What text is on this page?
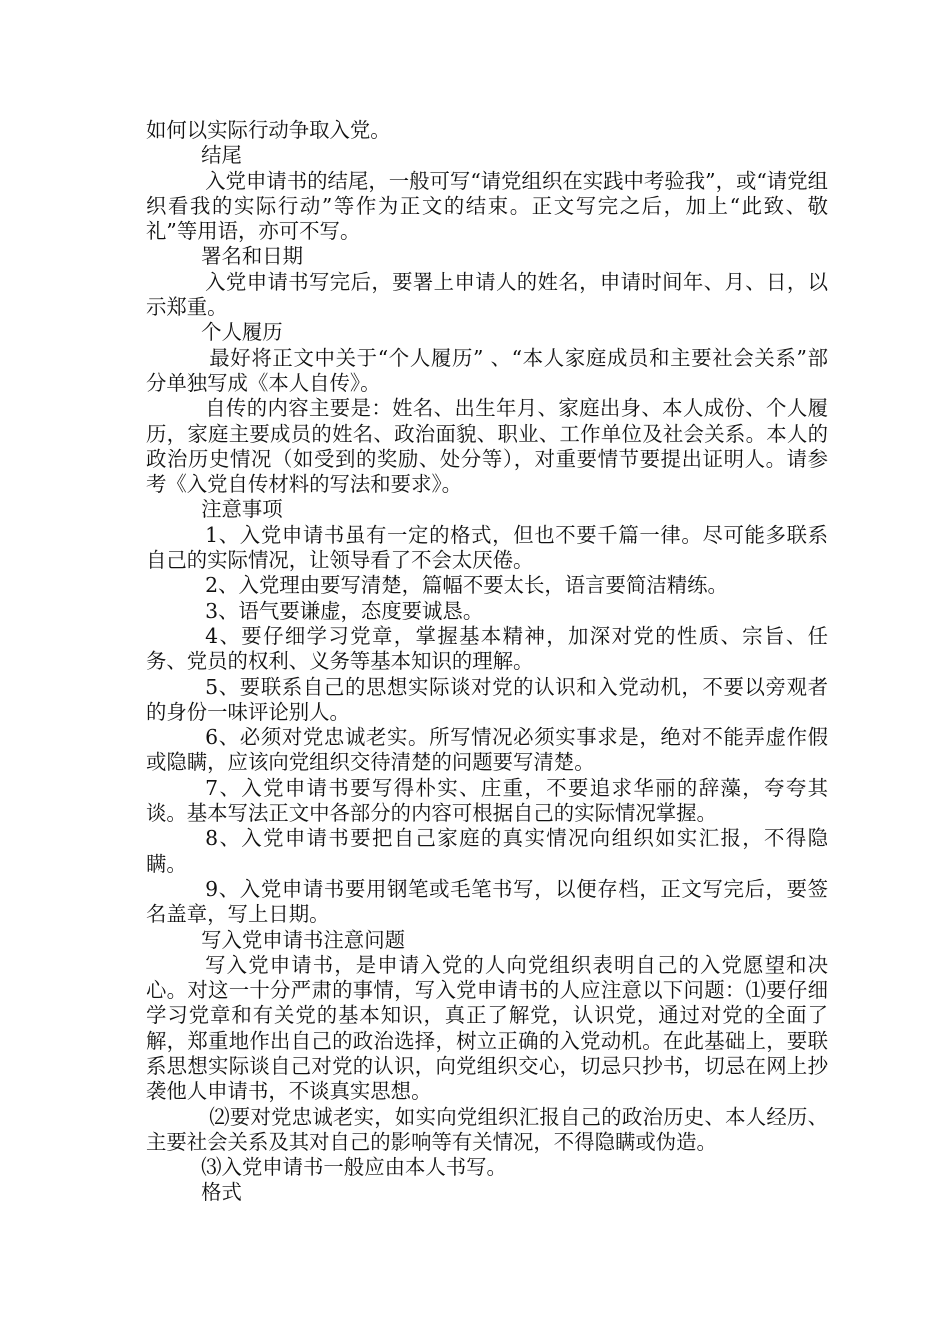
如何以实际行动争取入党。

结尾

入党申请书的结尾，一般可写“请党组织在实践中考验我”，或“请党组织看我的实际行动”等作为正文的结束。正文写完之后，加上“此致、敬礼”等用语，亦可不写。

署名和日期

入党申请书写完后，要署上申请人的姓名，申请时间年、月、日，以示郑重。

个人履历

最好将正文中关于“个人履历” 、“本人家庭成员和主要社会关系”部分单独写成《本人自传》。

自传的内容主要是：姓名、出生年月、家庭出身、本人成份、个人履历，家庭主要成员的姓名、政治面貌、职业、工作单位及社会关系。本人的政治历史情况（如受到的奖励、处分等），对重要情节要提出证明人。请参考《入党自传材料的写法和要求》。

注意事项

1、入党申请书虽有一定的格式，但也不要千篇一律。尽可能多联系自己的实际情况，让领导看了不会太厌倦。

2、入党理由要写清楚，篇幅不要太长，语言要简洁精练。

3、语气要谦虚，态度要诚恳。

4、要仔细学习党章，掌握基本精神，加深对党的性质、宗旨、任务、党员的权利、义务等基本知识的理解。

5、要联系自己的思想实际谈对党的认识和入党动机，不要以旁观者的身份一味评论别人。

6、必须对党忠诚老实。所写情况必须实事求是，绝对不能弄虚作假或隐瞒，应该向党组织交待清楚的问题要写清楚。

7、入党申请书要写得朴实、庄重，不要追求华丽的辞藻，夸夸其谈。基本写法正文中各部分的内容可根据自己的实际情况掌握。

8、入党申请书要把自己家庭的真实情况向组织如实汇报，不得隐瞒。

9、入党申请书要用钢笔或毛笔书写，以便存档，正文写完后，要签名盖章，写上日期。

写入党申请书注意问题

写入党申请书，是申请入党的人向党组织表明自己的入党愿望和决心。对这一十分严肃的事情，写入党申请书的人应注意以下问题：⑴要仔细学习党章和有关党的基本知识，真正了解党，认识党，通过对党的全面了解，郑重地作出自己的政治选择，树立正确的入党动机。在此基础上，要联系思想实际谈自己对党的认识，向党组织交心，切忌只抄书，切忌在网上抄袭他人申请书，不谈真实思想。

⑵要对党忠诚老实，如实向党组织汇报自己的政治历史、本人经历、主要社会关系及其对自己的影响等有关情况，不得隐瞒或伪造。

⑶入党申请书一般应由本人书写。

格式
